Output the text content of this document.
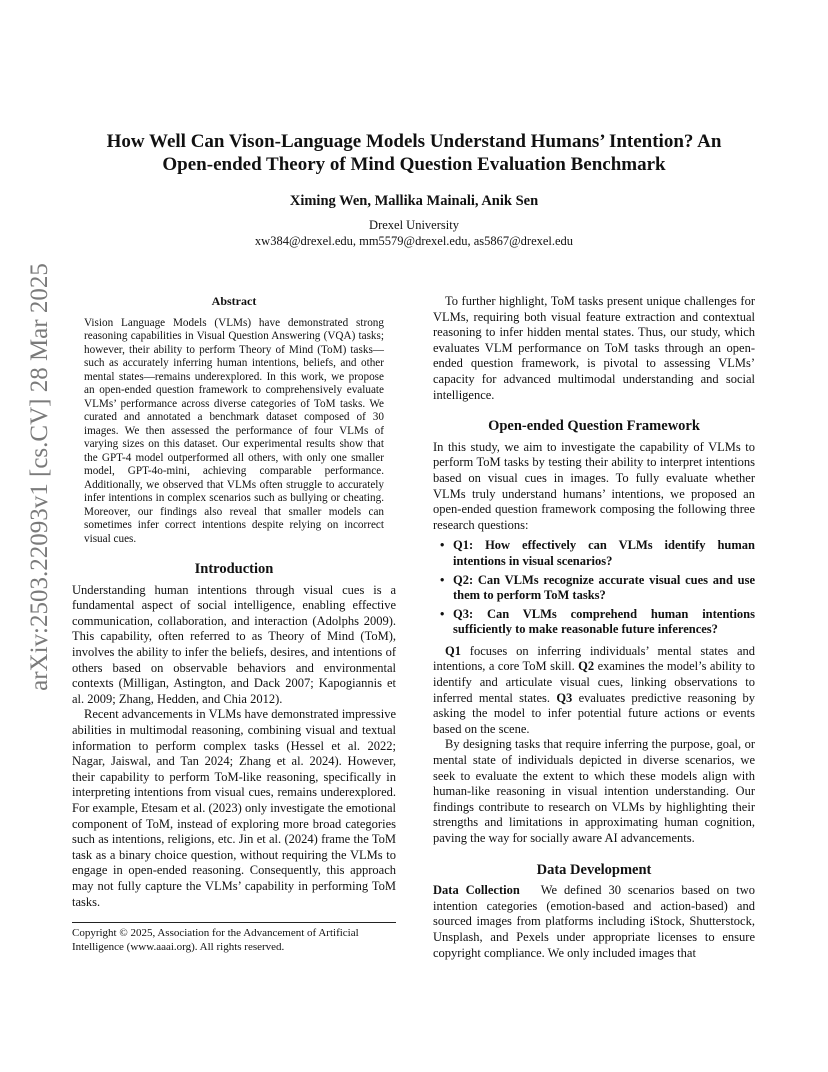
arXiv:2503.22093v1 [cs.CV] 28 Mar 2025
How Well Can Vison-Language Models Understand Humans’ Intention? An Open-ended Theory of Mind Question Evaluation Benchmark
Ximing Wen, Mallika Mainali, Anik Sen
Drexel University
xw384@drexel.edu, mm5579@drexel.edu, as5867@drexel.edu
Abstract

Vision Language Models (VLMs) have demonstrated strong reasoning capabilities in Visual Question Answering (VQA) tasks; however, their ability to perform Theory of Mind (ToM) tasks—such as accurately inferring human intentions, beliefs, and other mental states—remains underexplored. In this work, we propose an open-ended question framework to comprehensively evaluate VLMs’ performance across diverse categories of ToM tasks. We curated and annotated a benchmark dataset composed of 30 images. We then assessed the performance of four VLMs of varying sizes on this dataset. Our experimental results show that the GPT-4 model outperformed all others, with only one smaller model, GPT-4o-mini, achieving comparable performance. Additionally, we observed that VLMs often struggle to accurately infer intentions in complex scenarios such as bullying or cheating. Moreover, our findings also reveal that smaller models can sometimes infer correct intentions despite relying on incorrect visual cues.

Introduction

Understanding human intentions through visual cues is a fundamental aspect of social intelligence, enabling effective communication, collaboration, and interaction (Adolphs 2009). This capability, often referred to as Theory of Mind (ToM), involves the ability to infer the beliefs, desires, and intentions of others based on observable behaviors and environmental contexts (Milligan, Astington, and Dack 2007; Kapogiannis et al. 2009; Zhang, Hedden, and Chia 2012).

Recent advancements in VLMs have demonstrated impressive abilities in multimodal reasoning, combining visual and textual information to perform complex tasks (Hessel et al. 2022; Nagar, Jaiswal, and Tan 2024; Zhang et al. 2024). However, their capability to perform ToM-like reasoning, specifically in interpreting intentions from visual cues, remains underexplored. For example, Etesam et al. (2023) only investigate the emotional component of ToM, instead of exploring more broad categories such as intentions, religions, etc. Jin et al. (2024) frame the ToM task as a binary choice question, without requiring the VLMs to engage in open-ended reasoning. Consequently, this approach may not fully capture the VLMs’ capability in performing ToM tasks.

Copyright © 2025, Association for the Advancement of Artificial Intelligence (www.aaai.org). All rights reserved.

To further highlight, ToM tasks present unique challenges for VLMs, requiring both visual feature extraction and contextual reasoning to infer hidden mental states. Thus, our study, which evaluates VLM performance on ToM tasks through an open-ended question framework, is pivotal to assessing VLMs’ capacity for advanced multimodal understanding and social intelligence.

Open-ended Question Framework

In this study, we aim to investigate the capability of VLMs to perform ToM tasks by testing their ability to interpret intentions based on visual cues in images. To fully evaluate whether VLMs truly understand humans’ intentions, we proposed an open-ended question framework composing the following three research questions:

• Q1: How effectively can VLMs identify human intentions in visual scenarios?
• Q2: Can VLMs recognize accurate visual cues and use them to perform ToM tasks?
• Q3: Can VLMs comprehend human intentions sufficiently to make reasonable future inferences?

Q1 focuses on inferring individuals’ mental states and intentions, a core ToM skill. Q2 examines the model’s ability to identify and articulate visual cues, linking observations to inferred mental states. Q3 evaluates predictive reasoning by asking the model to infer potential future actions or events based on the scene.

By designing tasks that require inferring the purpose, goal, or mental state of individuals depicted in diverse scenarios, we seek to evaluate the extent to which these models align with human-like reasoning in visual intention understanding. Our findings contribute to research on VLMs by highlighting their strengths and limitations in approximating human cognition, paving the way for socially aware AI advancements.

Data Development

Data Collection We defined 30 scenarios based on two intention categories (emotion-based and action-based) and sourced images from platforms including iStock, Shutterstock, Unsplash, and Pexels under appropriate licenses to ensure copyright compliance. We only included images that
